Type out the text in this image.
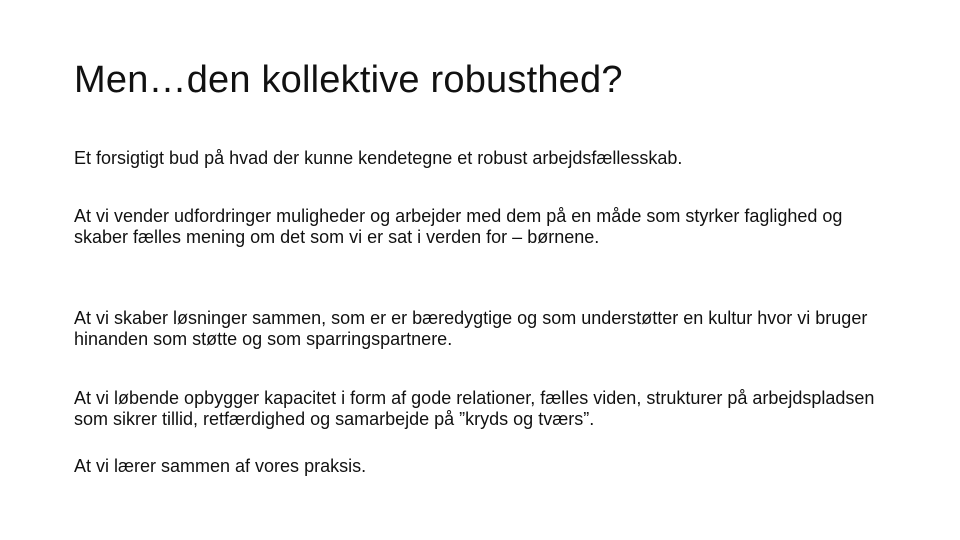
Men…den kollektive robusthed?
Et forsigtigt bud på hvad der kunne kendetegne et robust arbejdsfællesskab.
At vi vender udfordringer muligheder og arbejder med dem på en måde som styrker faglighed og skaber fælles mening om det som vi er sat i verden for – børnene.
At vi skaber løsninger sammen, som er er bæredygtige og som understøtter en kultur hvor vi bruger hinanden som støtte og som sparringspartnere.
At vi løbende opbygger kapacitet i form af gode relationer, fælles viden, strukturer på arbejdspladsen som sikrer tillid, retfærdighed og samarbejde på ”kryds og tværs”.
At vi lærer sammen af vores praksis.
